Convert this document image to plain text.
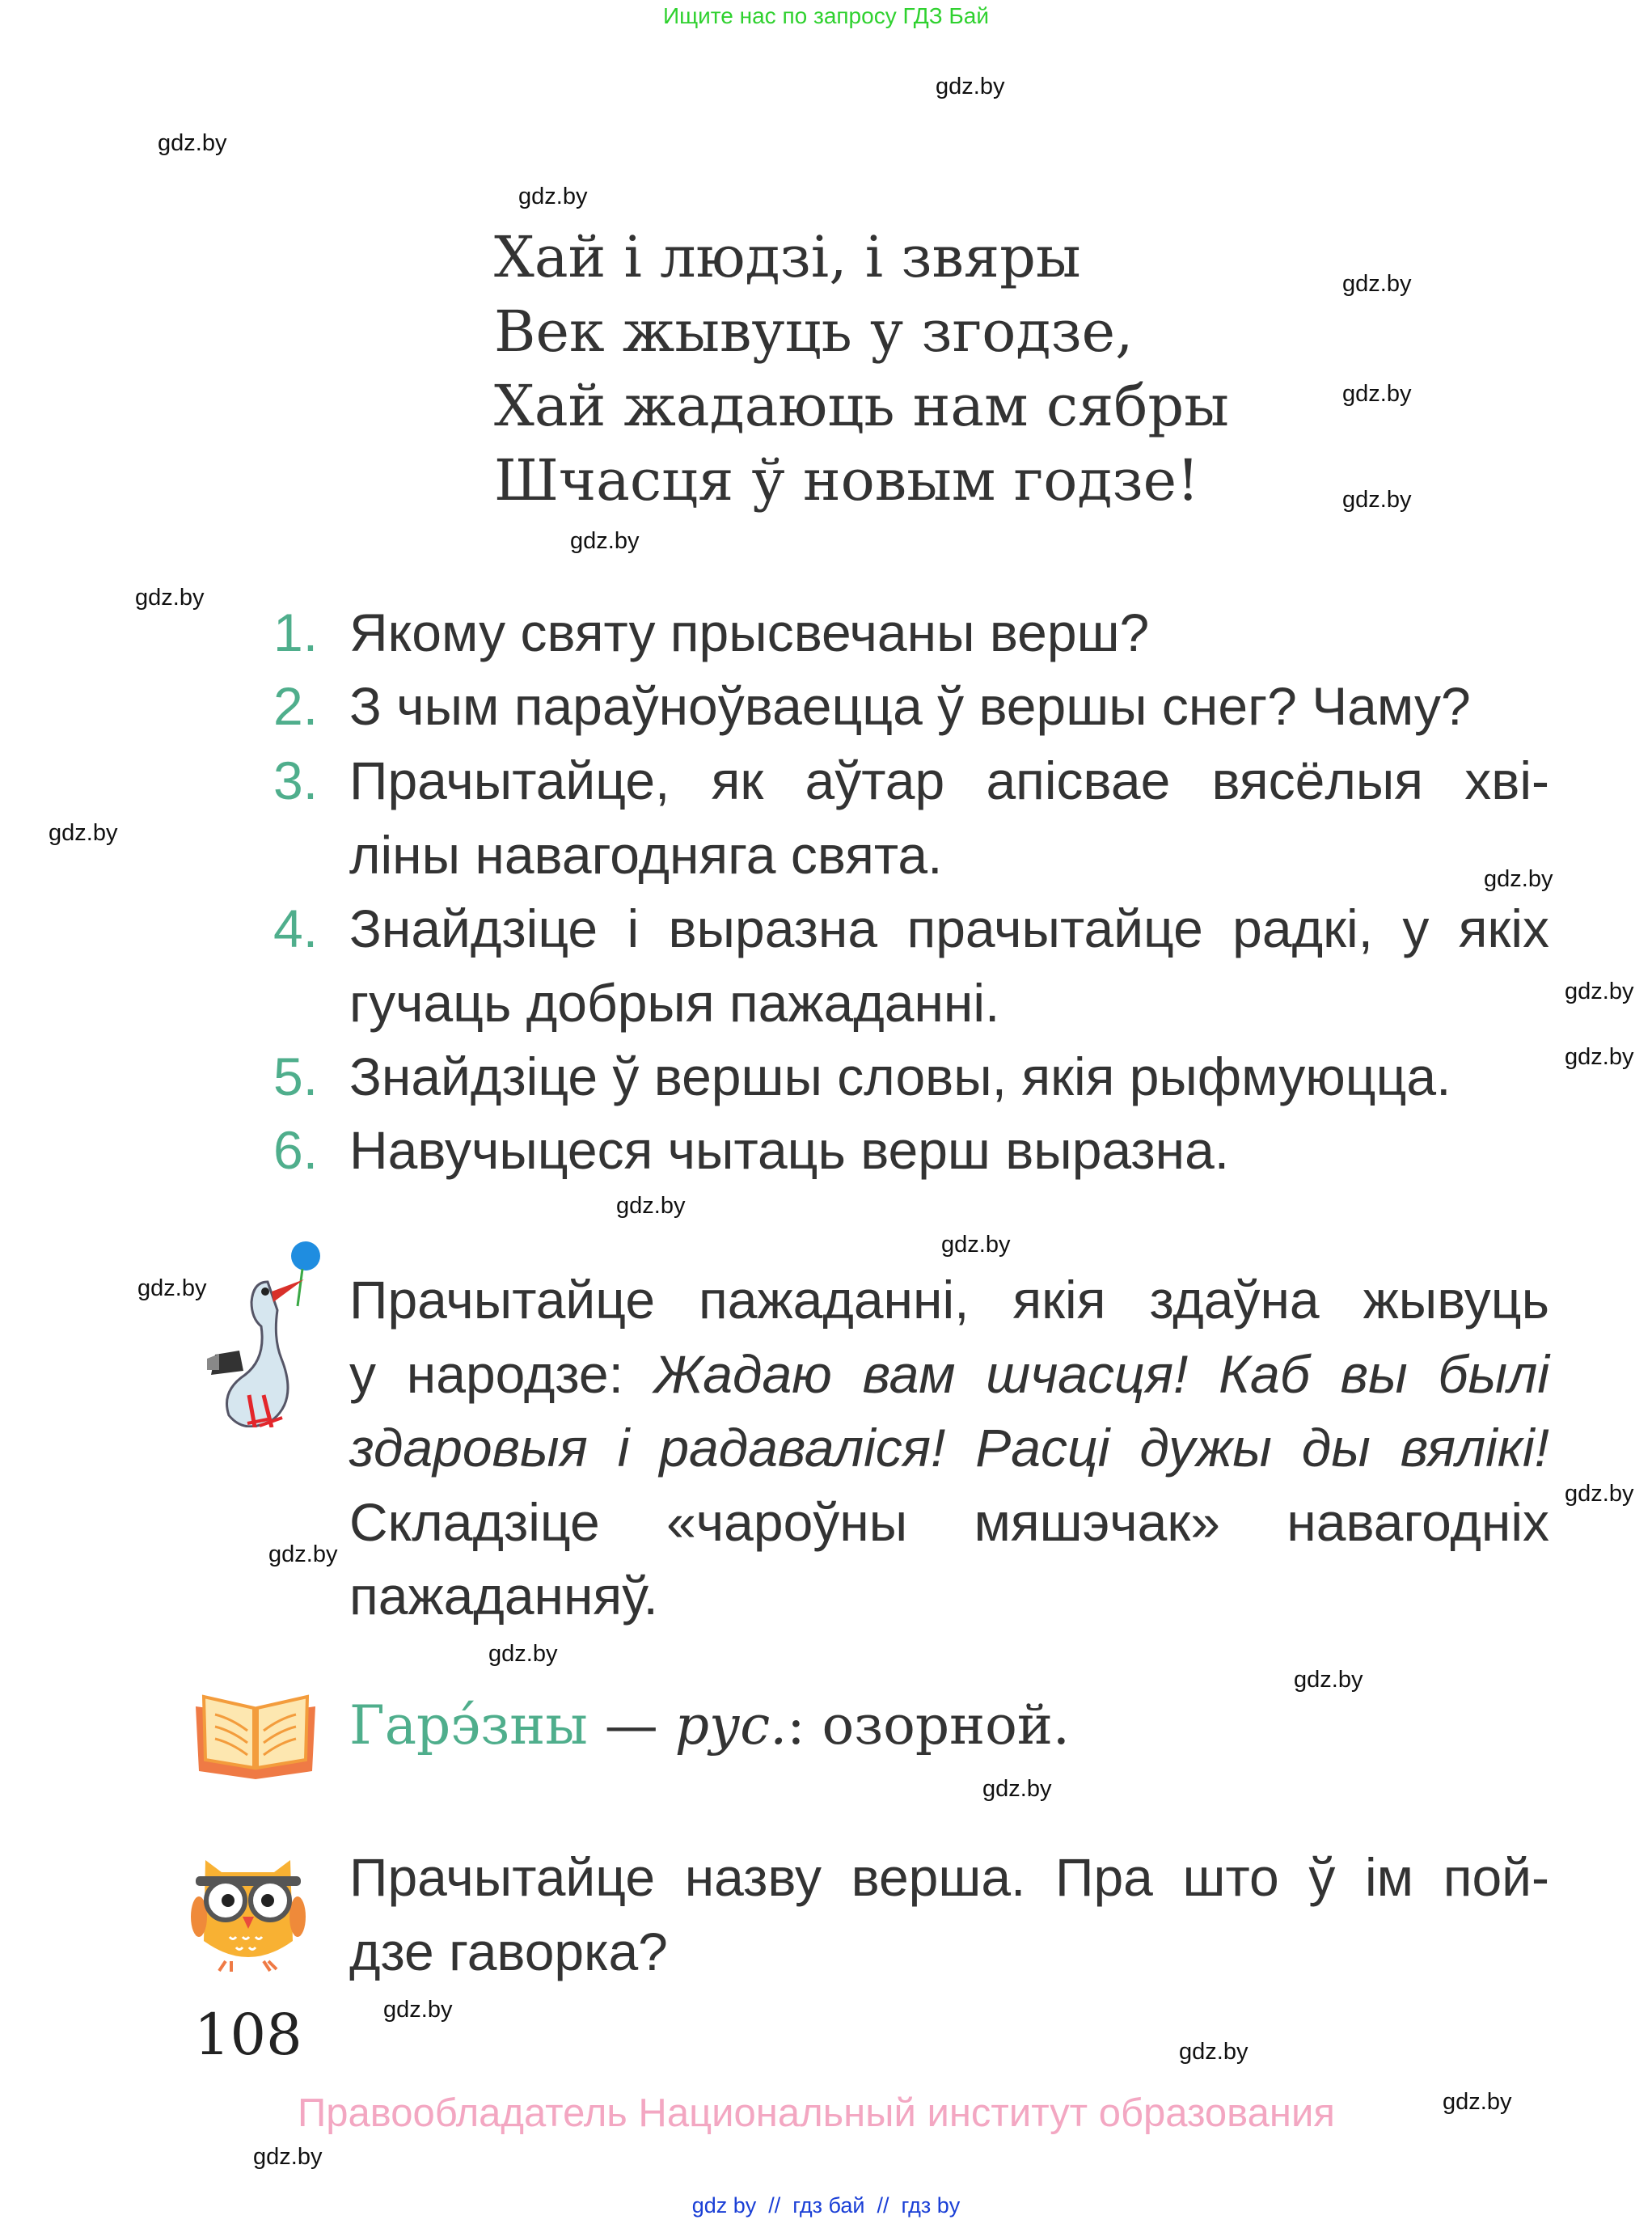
Ищите нас по запросу ГДЗ Бай
gdz.by
gdz.by
gdz.by
gdz.by
gdz.by
gdz.by
gdz.by
gdz.by
gdz.by
gdz.by
gdz.by
gdz.by
gdz.by
gdz.by
gdz.by
gdz.by
gdz.by
gdz.by
gdz.by
gdz.by
gdz.by
gdz.by
gdz.by
gdz.by
Хай і людзі, і звяры
Век жывуць у згодзе,
Хай жадаюць нам сябры
Шчасця ў новым годзе!
1. Якому святу прысвечаны верш?
2. З чым параўноўваецца ў вершы снег? Чаму?
3. Прачытайце, як аўтар апісвае вясёлыя хві-
ліны навагодняга свята.
4. Знайдзіце і выразна прачытайце радкі, у якіх
гучаць добрыя пажаданні.
5. Знайдзіце ў вершы словы, якія рыфмуюцца.
6. Навучыцеся чытаць верш выразна.
Прачытайце пажаданні, якія здаўна жывуць
у народзе: Жадаю вам шчасця! Каб вы былі
здаровыя і радаваліся! Расці дужы ды вялікі!
Складзіце «чароўны мяшэчак» навагодніх
пажаданняў.
Гарэ́зны — рус.: озорной.
Прачытайце назву верша. Пра што ў ім пой-
дзе гаворка?
108
Правообладатель Национальный институт образования
gdz by  //  гдз бай  //  гдз by
